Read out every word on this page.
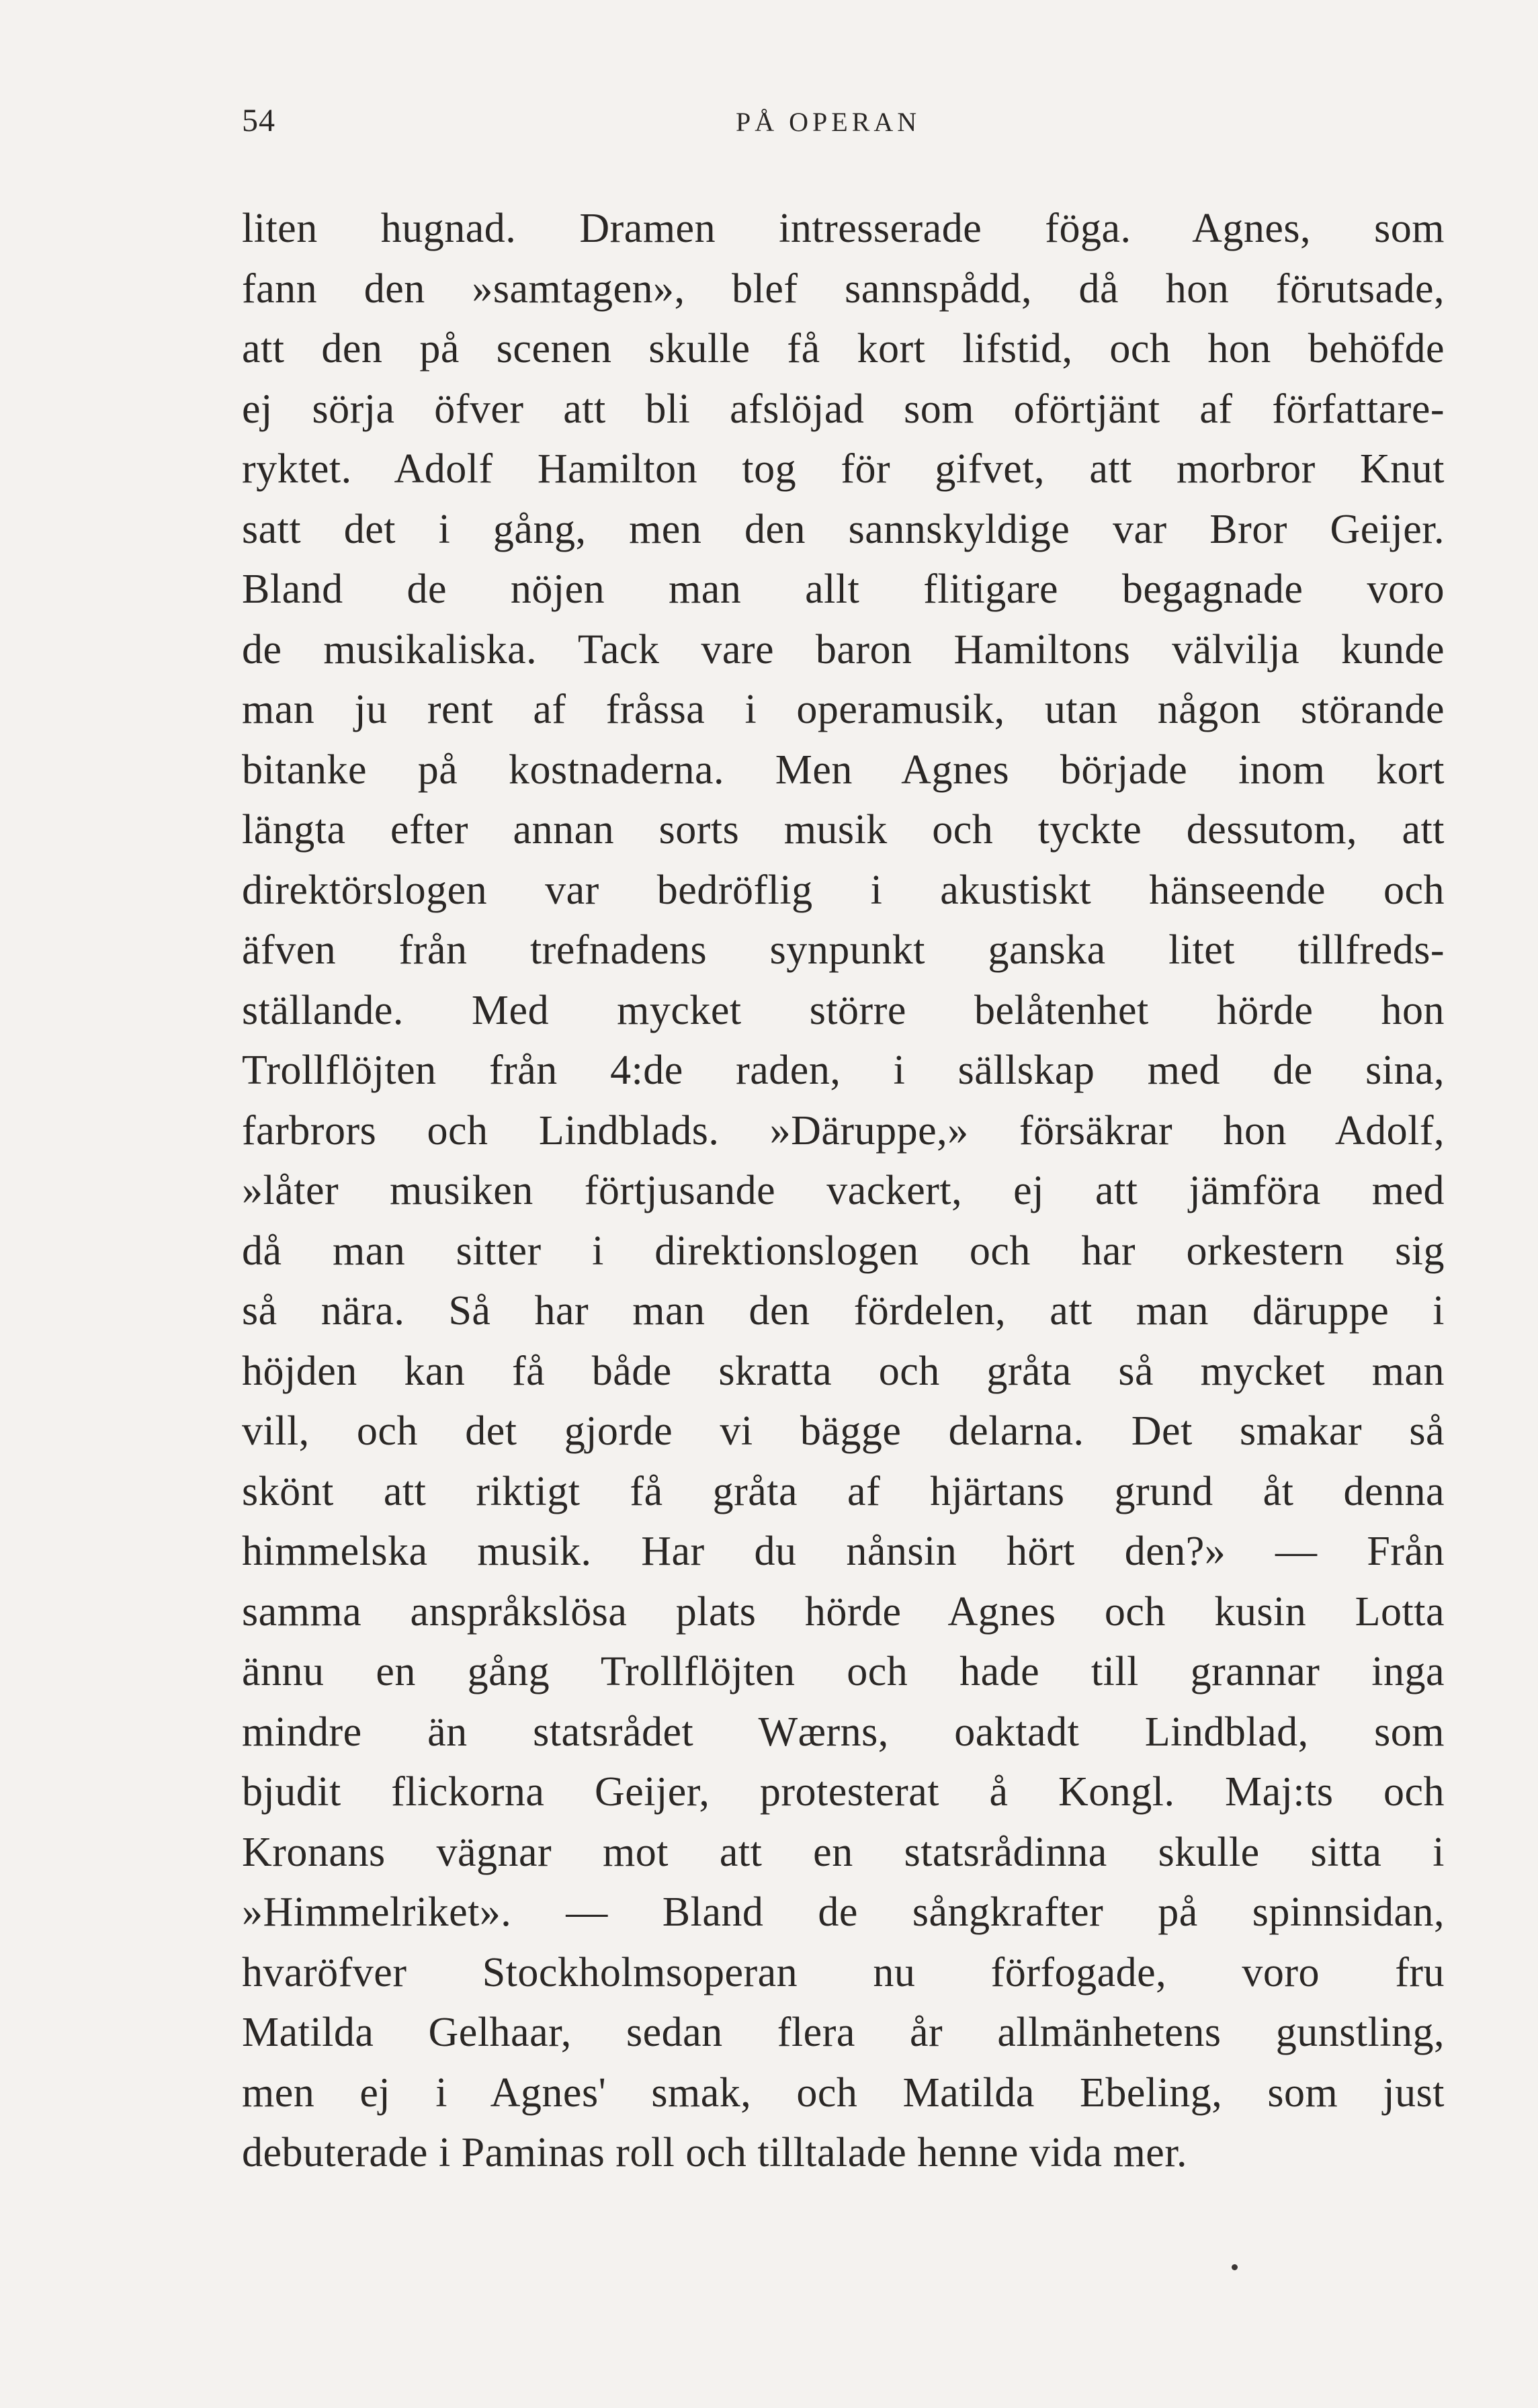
54	PÅ OPERAN
liten hugnad. Dramen intresserade föga. Agnes, som
fann den »samtagen», blef sannspådd, då hon förutsade,
att den på scenen skulle få kort lifstid, och hon behöfde
ej sörja öfver att bli afslöjad som oförtjänt af författare-
ryktet. Adolf Hamilton tog för gifvet, att morbror Knut
satt det i gång, men den sannskyldige var Bror Geijer.
Bland de nöjen man allt flitigare begagnade voro
de musikaliska. Tack vare baron Hamiltons välvilja kunde
man ju rent af fråssa i operamusik, utan någon störande
bitanke på kostnaderna. Men Agnes började inom kort
längta efter annan sorts musik och tyckte dessutom, att
direktörslogen var bedröflig i akustiskt hänseende och
äfven från trefnadens synpunkt ganska litet tillfreds-
ställande. Med mycket större belåtenhet hörde hon
Trollflöjten från 4:de raden, i sällskap med de sina,
farbrors och Lindblads. »Däruppe,» försäkrar hon Adolf,
»låter musiken förtjusande vackert, ej att jämföra med
då man sitter i direktionslogen och har orkestern sig
så nära. Så har man den fördelen, att man däruppe i
höjden kan få både skratta och gråta så mycket man
vill, och det gjorde vi bägge delarna. Det smakar så
skönt att riktigt få gråta af hjärtans grund åt denna
himmelska musik. Har du nånsin hört den?» — Från
samma anspråkslösa plats hörde Agnes och kusin Lotta
ännu en gång Trollflöjten och hade till grannar inga
mindre än statsrådet Wærns, oaktadt Lindblad, som
bjudit flickorna Geijer, protesterat å Kongl. Maj:ts och
Kronans vägnar mot att en statsrådinna skulle sitta i
»Himmelriket». — Bland de sångkrafter på spinnsidan,
hvaröfver Stockholmsoperan nu förfogade, voro fru
Matilda Gelhaar, sedan flera år allmänhetens gunstling,
men ej i Agnes' smak, och Matilda Ebeling, som just
debuterade i Paminas roll och tilltalade henne vida mer.
